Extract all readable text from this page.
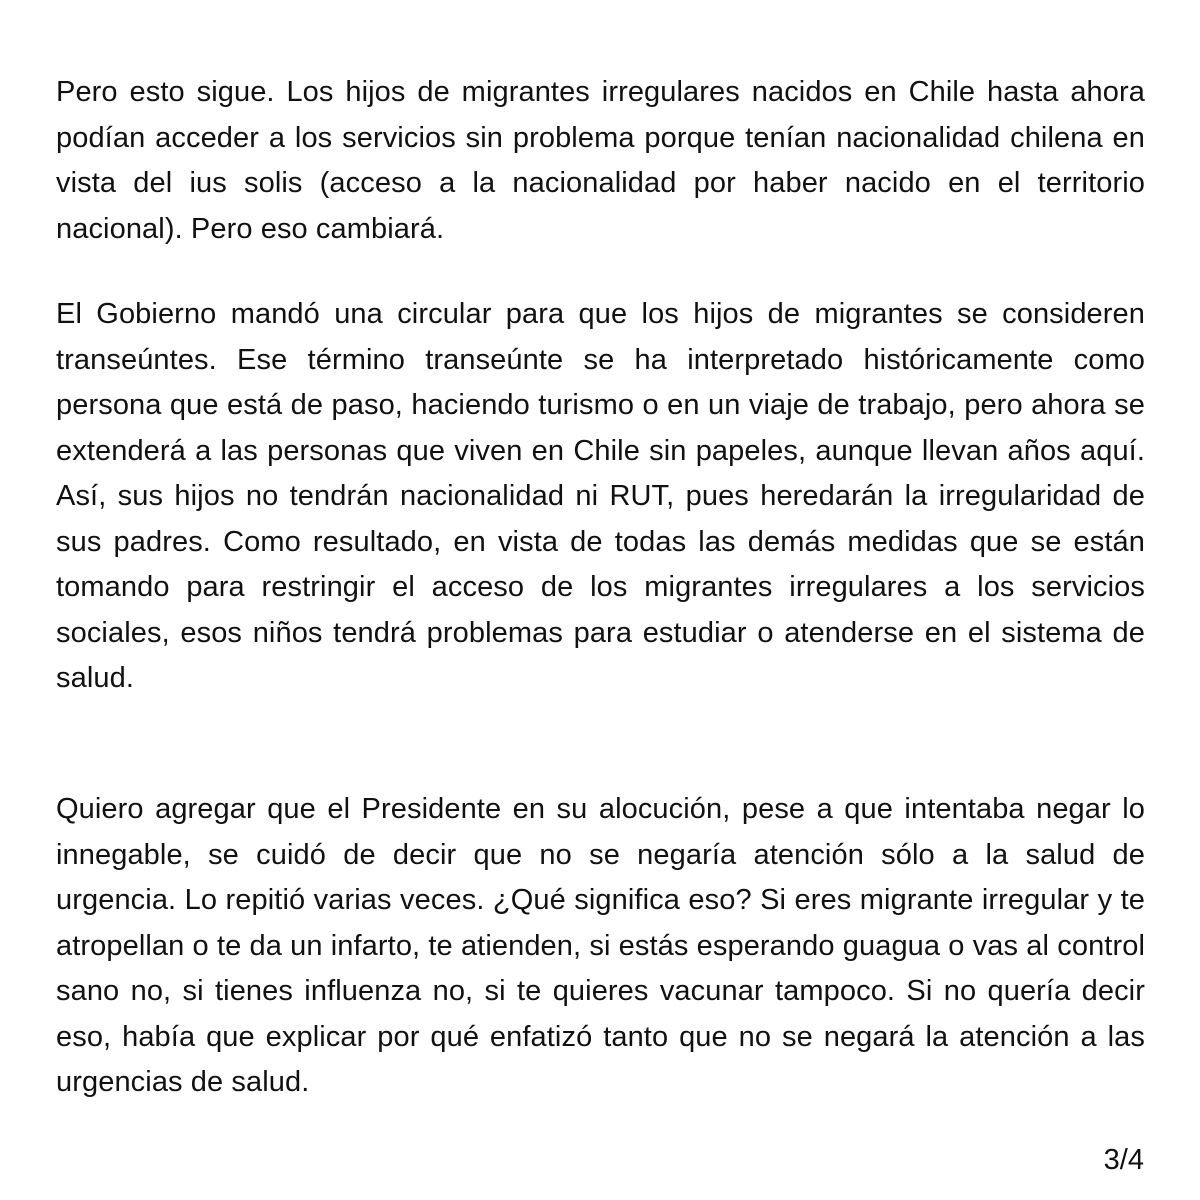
Pero esto sigue. Los hijos de migrantes irregulares nacidos en Chile hasta ahora podían acceder a los servicios sin problema porque tenían nacionalidad chilena en vista del ius solis (acceso a la nacionalidad por haber nacido en el territorio nacional). Pero eso cambiará.

El Gobierno mandó una circular para que los hijos de migrantes se consideren transeúntes. Ese término transeúnte se ha interpretado históricamente como persona que está de paso, haciendo turismo o en un viaje de trabajo, pero ahora se extenderá a las personas que viven en Chile sin papeles, aunque llevan años aquí. Así, sus hijos no tendrán nacionalidad ni RUT, pues heredarán la irregularidad de sus padres. Como resultado, en vista de todas las demás medidas que se están tomando para restringir el acceso de los migrantes irregulares a los servicios sociales, esos niños tendrá problemas para estudiar o atenderse en el sistema de salud.

Quiero agregar que el Presidente en su alocución, pese a que intentaba negar lo innegable, se cuidó de decir que no se negaría atención sólo a la salud de urgencia. Lo repitió varias veces. ¿Qué significa eso? Si eres migrante irregular y te atropellan o te da un infarto, te atienden, si estás esperando guagua o vas al control sano no, si tienes influenza no, si te quieres vacunar tampoco. Si no quería decir eso, había que explicar por qué enfatizó tanto que no se negará la atención a las urgencias de salud.

3/4
